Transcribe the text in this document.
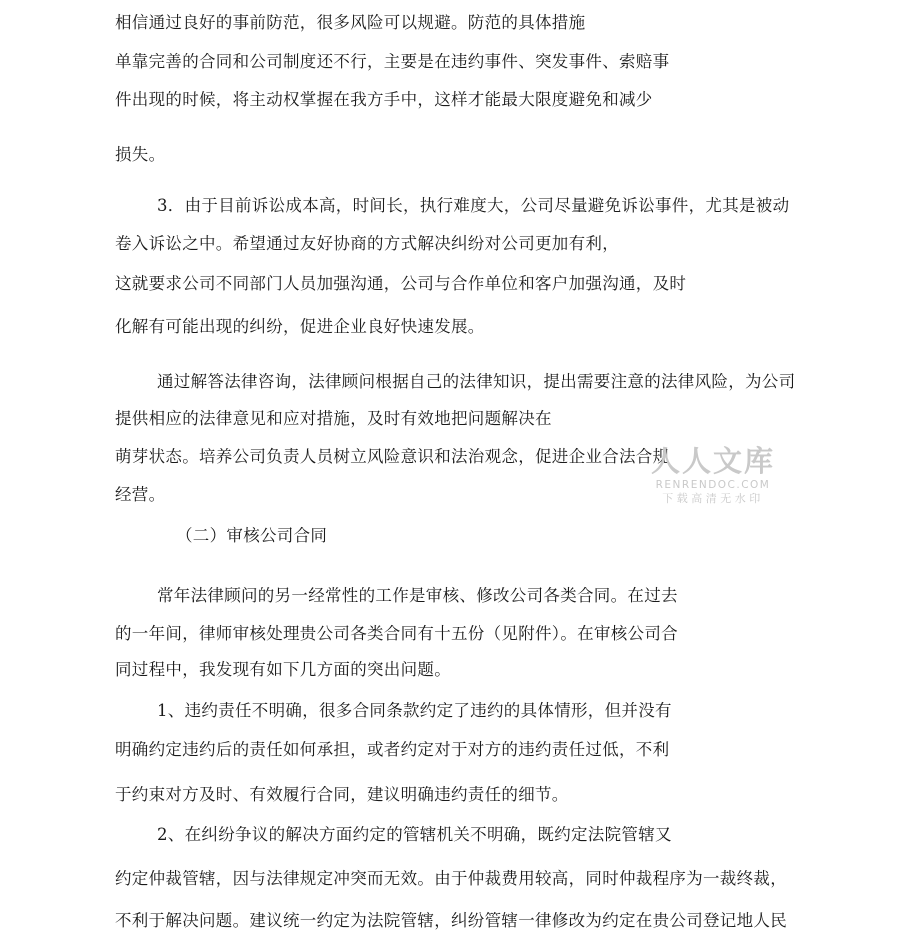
相信通过良好的事前防范，很多风险可以规避。防范的具体措施
单靠完善的合同和公司制度还不行，主要是在违约事件、突发事件、索赔事
件出现的时候，将主动权掌握在我方手中，这样才能最大限度避免和减少
损失。
3．由于目前诉讼成本高，时间长，执行难度大，公司尽量避免诉讼事件，尤其是被动
卷入诉讼之中。希望通过友好协商的方式解决纠纷对公司更加有利，
这就要求公司不同部门人员加强沟通，公司与合作单位和客户加强沟通，及时
化解有可能出现的纠纷，促进企业良好快速发展。
通过解答法律咨询，法律顾问根据自己的法律知识，提出需要注意的法律风险，为公司
提供相应的法律意见和应对措施，及时有效地把问题解决在
萌芽状态。培养公司负责人员树立风险意识和法治观念，促进企业合法合规
经营。
（二）审核公司合同
常年法律顾问的另一经常性的工作是审核、修改公司各类合同。在过去
的一年间，律师审核处理贵公司各类合同有十五份（见附件）。在审核公司合
同过程中，我发现有如下几方面的突出问题。
1、违约责任不明确，很多合同条款约定了违约的具体情形，但并没有
明确约定违约后的责任如何承担，或者约定对于对方的违约责任过低，不利
于约束对方及时、有效履行合同，建议明确违约责任的细节。
2、在纠纷争议的解决方面约定的管辖机关不明确，既约定法院管辖又
约定仲裁管辖，因与法律规定冲突而无效。由于仲裁费用较高，同时仲裁程序为一裁终裁，
不利于解决问题。建议统一约定为法院管辖，纠纷管辖一律修改为约定在贵公司登记地人民
人人文库
RENRENDOC.COM
下载高清无水印
